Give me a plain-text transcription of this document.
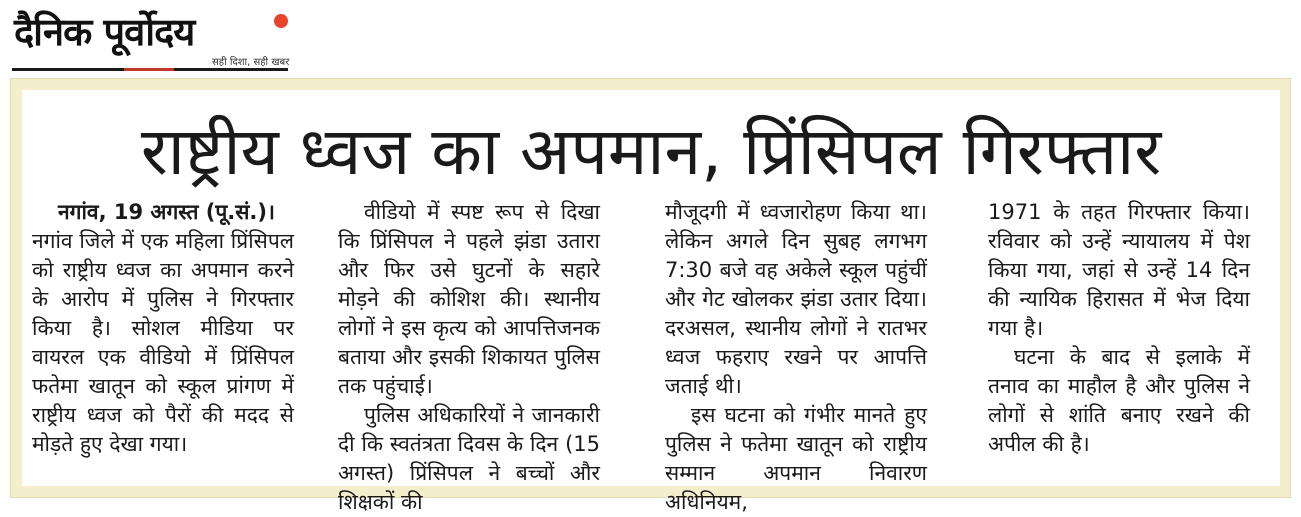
दैनिक पूर्वोदय
सही दिशा, सही खबर
राष्ट्रीय ध्वज का अपमान, प्रिंसिपल गिरफ्तार

नगांव, 19 अगस्त (पू.सं.)।

नगांव जिले में एक महिला प्रिंसिपल को राष्ट्रीय ध्वज का अपमान करने के आरोप में पुलिस ने गिरफ्तार किया है। सोशल मीडिया पर वायरल एक वीडियो में प्रिंसिपल फतेमा खातून को स्कूल प्रांगण में राष्ट्रीय ध्वज को पैरों की मदद से मोड़ते हुए देखा गया।

वीडियो में स्पष्ट रूप से दिखा कि प्रिंसिपल ने पहले झंडा उतारा और फिर उसे घुटनों के सहारे मोड़ने की कोशिश की। स्थानीय लोगों ने इस कृत्य को आपत्तिजनक बताया और इसकी शिकायत पुलिस तक पहुंचाई।

पुलिस अधिकारियों ने जानकारी दी कि स्वतंत्रता दिवस के दिन (15 अगस्त) प्रिंसिपल ने बच्चों और शिक्षकों की

मौजूदगी में ध्वजारोहण किया था। लेकिन अगले दिन सुबह लगभग 7:30 बजे वह अकेले स्कूल पहुंचीं और गेट खोलकर झंडा उतार दिया। दरअसल, स्थानीय लोगों ने रातभर ध्वज फहराए रखने पर आपत्ति जताई थी।

इस घटना को गंभीर मानते हुए पुलिस ने फतेमा खातून को राष्ट्रीय सम्मान अपमान निवारण अधिनियम,

1971 के तहत गिरफ्तार किया। रविवार को उन्हें न्यायालय में पेश किया गया, जहां से उन्हें 14 दिन की न्यायिक हिरासत में भेज दिया गया है।

घटना के बाद से इलाके में तनाव का माहौल है और पुलिस ने लोगों से शांति बनाए रखने की अपील की है।
